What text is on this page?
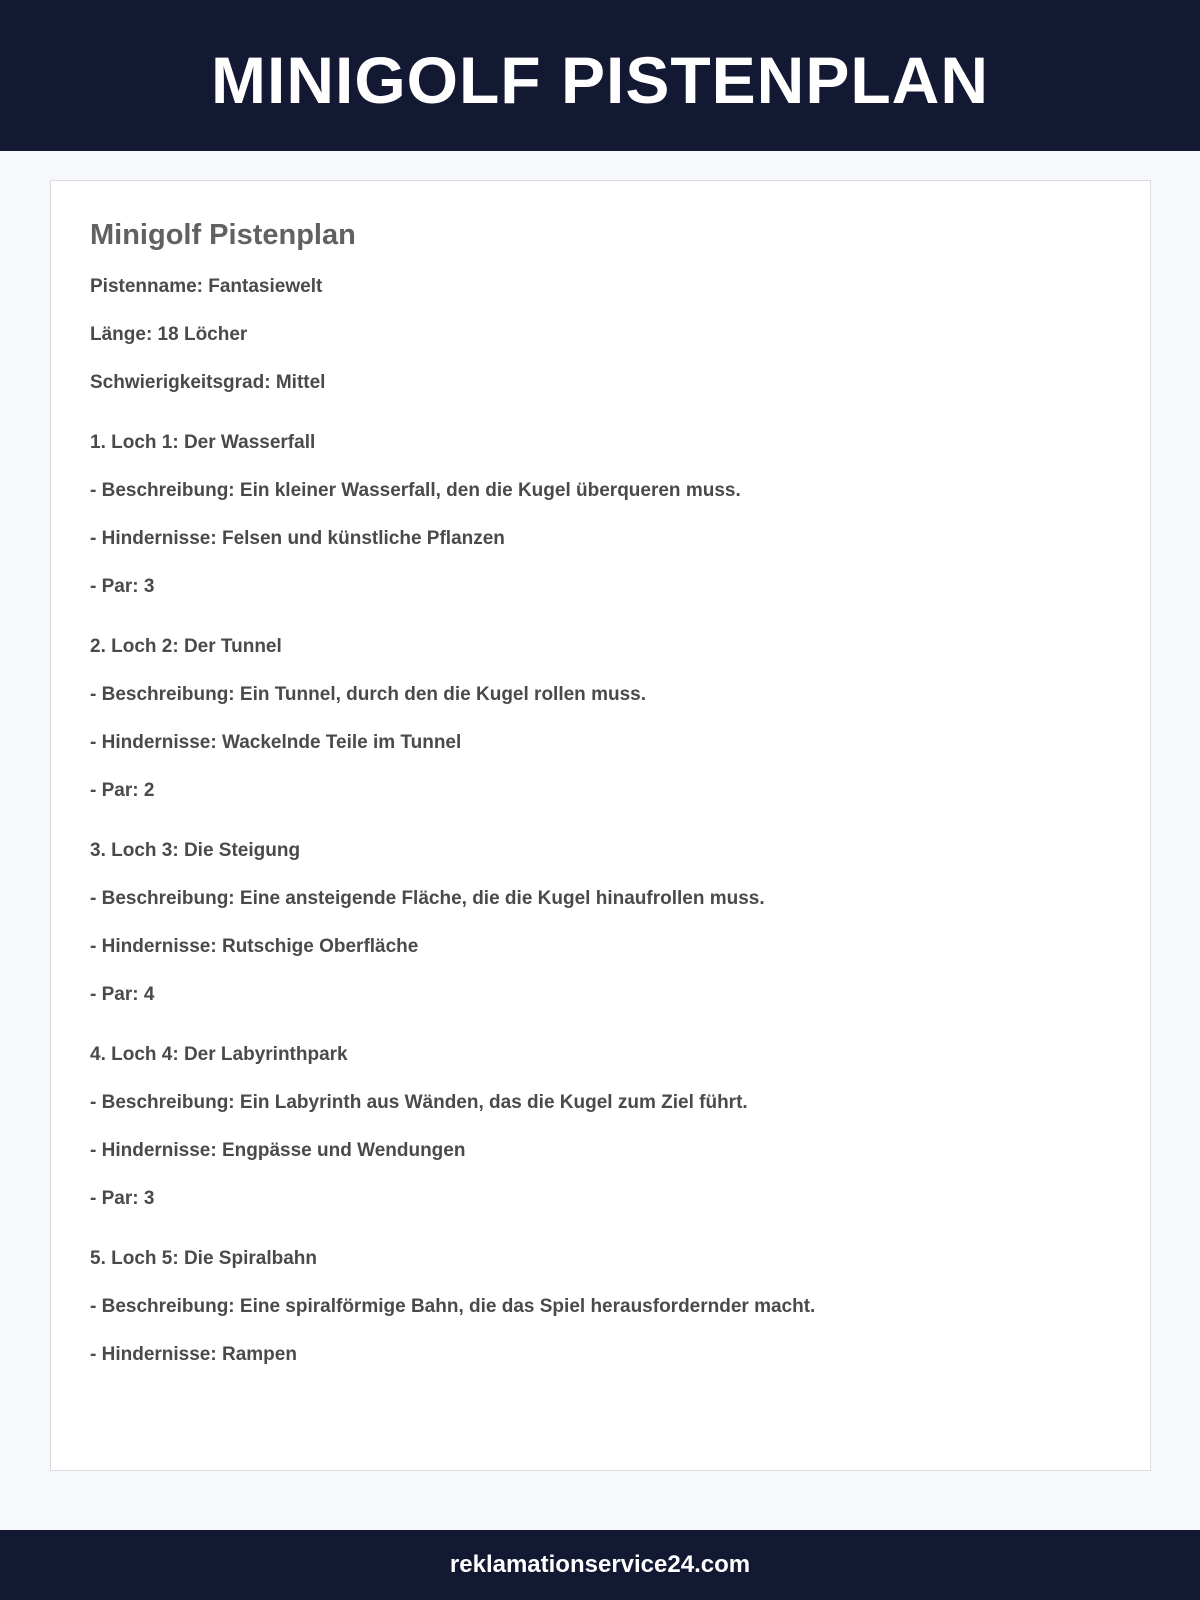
MINIGOLF PISTENPLAN
Minigolf Pistenplan
Pistenname: Fantasiewelt
Länge: 18 Löcher
Schwierigkeitsgrad: Mittel
1. Loch 1: Der Wasserfall
- Beschreibung: Ein kleiner Wasserfall, den die Kugel überqueren muss.
- Hindernisse: Felsen und künstliche Pflanzen
- Par: 3
2. Loch 2: Der Tunnel
- Beschreibung: Ein Tunnel, durch den die Kugel rollen muss.
- Hindernisse: Wackelnde Teile im Tunnel
- Par: 2
3. Loch 3: Die Steigung
- Beschreibung: Eine ansteigende Fläche, die die Kugel hinaufrollen muss.
- Hindernisse: Rutschige Oberfläche
- Par: 4
4. Loch 4: Der Labyrinthpark
- Beschreibung: Ein Labyrinth aus Wänden, das die Kugel zum Ziel führt.
- Hindernisse: Engpässe und Wendungen
- Par: 3
5. Loch 5: Die Spiralbahn
- Beschreibung: Eine spiralförmige Bahn, die das Spiel herausfordernder macht.
- Hindernisse: Rampen
reklamationservice24.com
